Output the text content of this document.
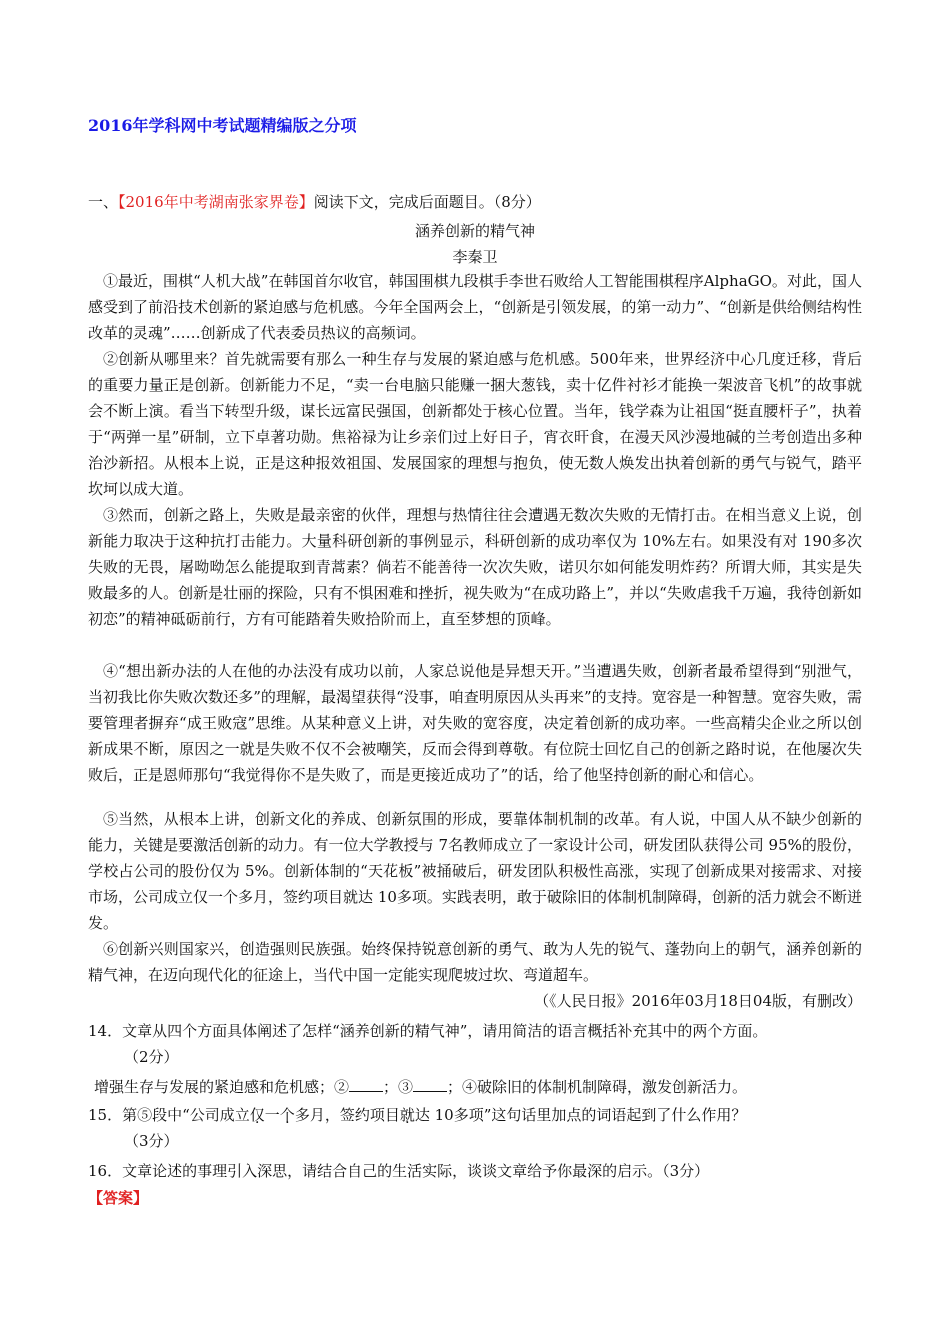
2016年学科网中考试题精编版之分项
一、【2016年中考湖南张家界卷】阅读下文，完成后面题目。（8分）
涵养创新的精气神
李秦卫
①最近，围棋“人机大战”在韩国首尔收官，韩国围棋九段棋手李世石败给人工智能围棋程序AlphaGO。对此，国人感受到了前沿技术创新的紧迫感与危机感。今年全国两会上，“创新是引领发展，的第一动力”、“创新是供给侧结构性改革的灵魂”……创新成了代表委员热议的高频词。
②创新从哪里来？首先就需要有那么一种生存与发展的紧迫感与危机感。500年来，世界经济中心几度迁移，背后的重要力量正是创新。创新能力不足，“卖一台电脑只能赚一捆大葱钱，卖十亿件衬衫才能换一架波音飞机”的故事就会不断上演。看当下转型升级，谋长远富民强国，创新都处于核心位置。当年，钱学森为让祖国“挺直腰杆子”，执着于“两弹一星”研制，立下卓著功勋。焦裕禄为让乡亲们过上好日子，宵衣旰食，在漫天风沙漫地碱的兰考创造出多种治沙新招。从根本上说，正是这种报效祖国、发展国家的理想与抱负，使无数人焕发出执着创新的勇气与锐气，踏平坎坷以成大道。
③然而，创新之路上，失败是最亲密的伙伴，理想与热情往往会遭遇无数次失败的无情打击。在相当意义上说，创新能力取决于这种抗打击能力。大量科研创新的事例显示，科研创新的成功率仅为 10%左右。如果没有对 190多次失败的无畏，屠呦呦怎么能提取到青蒿素？倘若不能善待一次次失败，诺贝尔如何能发明炸药？所谓大师，其实是失败最多的人。创新是壮丽的探险，只有不惧困难和挫折，视失败为“在成功路上”，并以“失败虐我千万遍，我待创新如初恋”的精神砥砺前行，方有可能踏着失败拾阶而上，直至梦想的顶峰。
④“想出新办法的人在他的办法没有成功以前，人家总说他是异想天开。”当遭遇失败，创新者最希望得到“别泄气，当初我比你失败次数还多”的理解，最渴望获得“没事，咱查明原因从头再来”的支持。宽容是一种智慧。宽容失败，需要管理者摒弃“成王败寇”思维。从某种意义上讲，对失败的宽容度，决定着创新的成功率。一些高精尖企业之所以创新成果不断，原因之一就是失败不仅不会被嘲笑，反而会得到尊敬。有位院士回忆自己的创新之路时说，在他屡次失败后，正是恩师那句“我觉得你不是失败了，而是更接近成功了”的话，给了他坚持创新的耐心和信心。
⑤当然，从根本上讲，创新文化的养成、创新氛围的形成，要靠体制机制的改革。有人说，中国人从不缺少创新的能力，关键是要激活创新的动力。有一位大学教授与 7名教师成立了一家设计公司，研发团队获得公司 95%的股份，学校占公司的股份仅为 5%。创新体制的“天花板”被捅破后，研发团队积极性高涨，实现了创新成果对接需求、对接市场，公司成立仅一个多月，签约项目就达 10多项。实践表明，敢于破除旧的体制机制障碍，创新的活力就会不断迸发。
⑥创新兴则国家兴，创造强则民族强。始终保持锐意创新的勇气、敢为人先的锐气、蓬勃向上的朝气，涵养创新的精气神，在迈向现代化的征途上，当代中国一定能实现爬坡过坎、弯道超车。
（《人民日报》2016年03月18日04版，有删改）
14．文章从四个方面具体阐述了怎样“涵养创新的精气神”，请用简洁的语言概括补充其中的两个方面。
（2分）
增强生存与发展的紧迫感和危机感；② ；③ ；④破除旧的体制机制障碍，激发创新活力。
15．第⑤段中“公司成立仅一个多月，签约项目就达 10多项”这句话里加点的词语起到了什么作用？
（3分）
16．文章论述的事理引入深思，请结合自己的生活实际，谈谈文章给予你最深的启示。（3分）
【答案】
